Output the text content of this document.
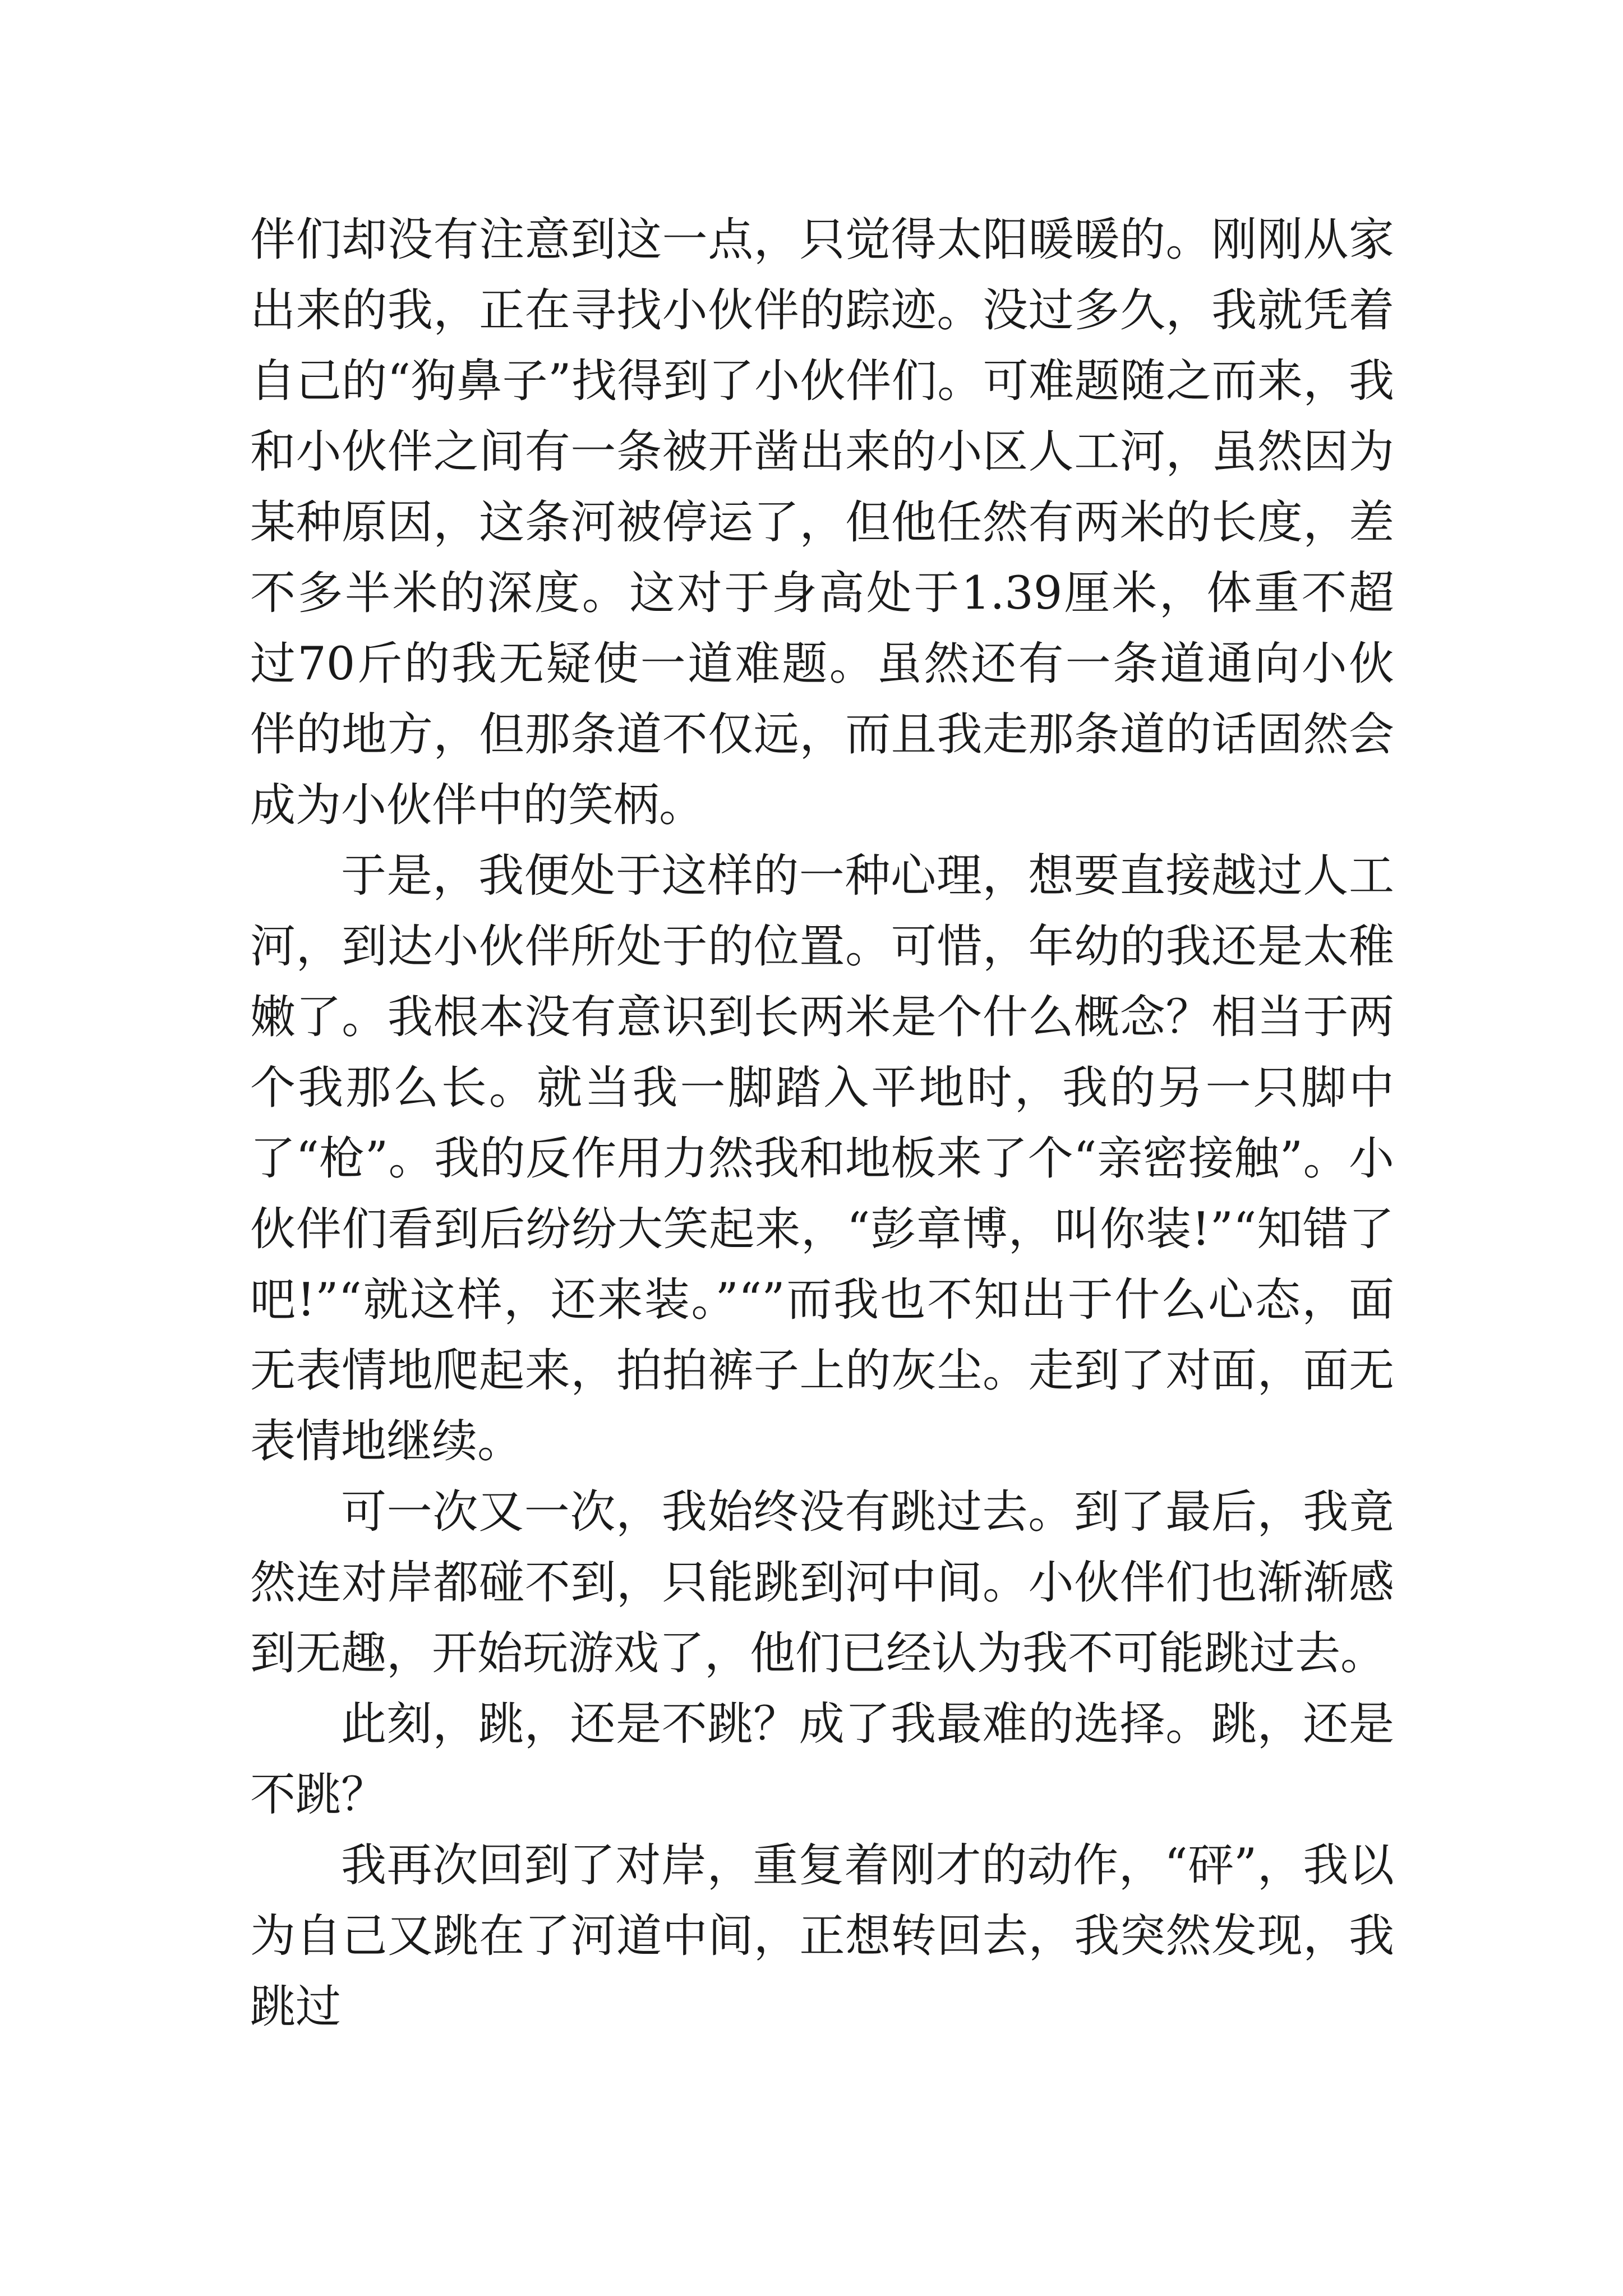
伴们却没有注意到这一点，只觉得太阳暖暖的。刚刚从家出来的我，正在寻找小伙伴的踪迹。没过多久，我就凭着自己的“狗鼻子”找得到了小伙伴们。可难题随之而来，我和小伙伴之间有一条被开凿出来的小区人工河，虽然因为某种原因，这条河被停运了，但他任然有两米的长度，差不多半米的深度。这对于身高处于1.39厘米，体重不超过70斤的我无疑使一道难题。虽然还有一条道通向小伙伴的地方，但那条道不仅远，而且我走那条道的话固然会成为小伙伴中的笑柄。

于是，我便处于这样的一种心理，想要直接越过人工河，到达小伙伴所处于的位置。可惜，年幼的我还是太稚嫩了。我根本没有意识到长两米是个什么概念？相当于两个我那么长。就当我一脚踏入平地时，我的另一只脚中了“枪”。我的反作用力然我和地板来了个“亲密接触”。小伙伴们看到后纷纷大笑起来，“彭章博，叫你装!”“知错了吧!”“就这样，还来装。”“”而我也不知出于什么心态，面无表情地爬起来，拍拍裤子上的灰尘。走到了对面，面无表情地继续。

可一次又一次，我始终没有跳过去。到了最后，我竟然连对岸都碰不到，只能跳到河中间。小伙伴们也渐渐感到无趣，开始玩游戏了，他们已经认为我不可能跳过去。

此刻，跳，还是不跳？成了我最难的选择。跳，还是不跳？

我再次回到了对岸，重复着刚才的动作，“砰”，我以为自己又跳在了河道中间，正想转回去，我突然发现，我跳过
